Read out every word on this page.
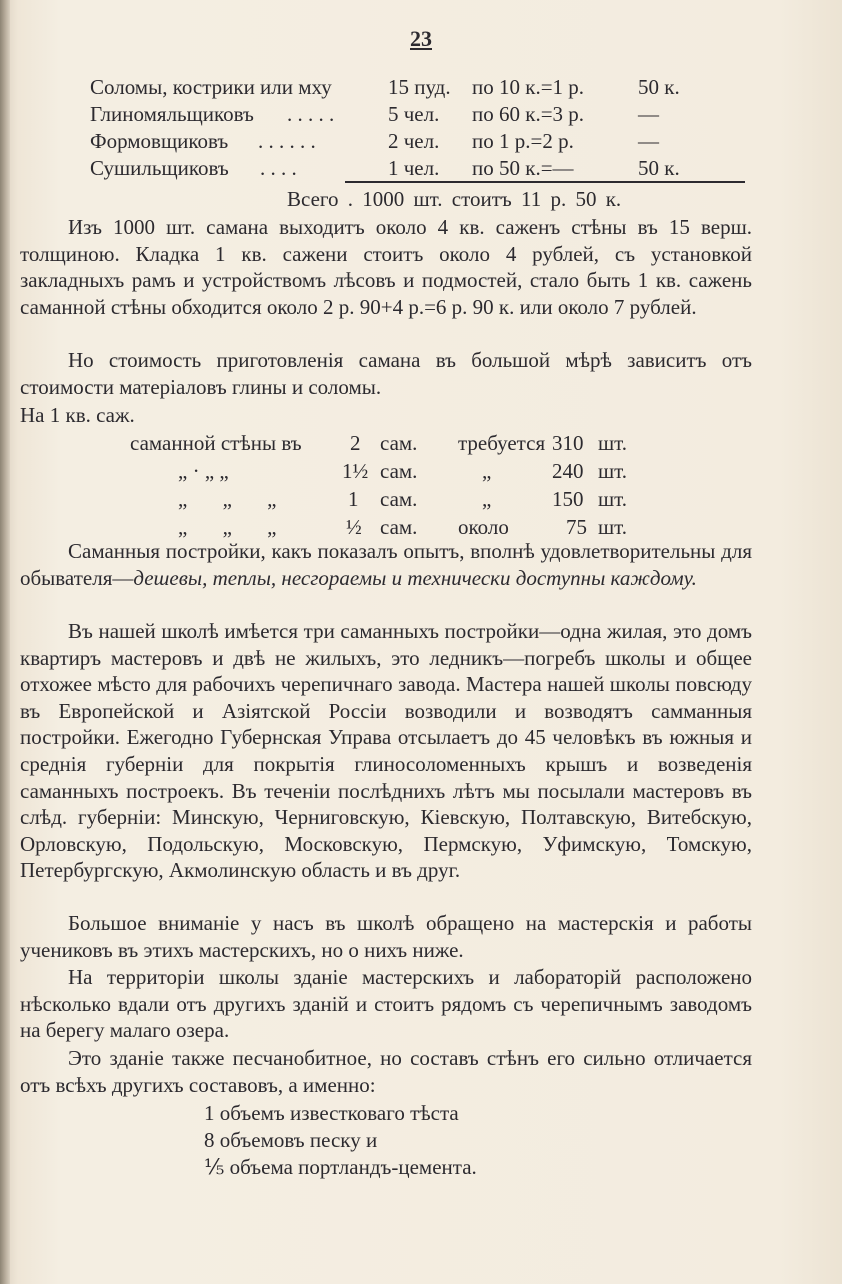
23
Соломы, кострики или мху	15 пуд. по 10 к.=1 р.	50 к.
Глиномяльщиковъ . . . . .	5 чел. по 60 к.=3 р.	—
Формовщиковъ . . . . . .	2 чел. по 1 р.=2 р.	—
Сушильщиковъ . . . .	1 чел. по 50 к.=—	50 к.
Всего . 1000 шт. стоитъ 11 р. 50 к.
Изъ 1000 шт. самана выходитъ около 4 кв. саженъ стѣны въ 15 верш. толщиною. Кладка 1 кв. сажени стоитъ около 4 рублей, съ установкой закладныхъ рамъ и устройствомъ лѣсовъ и подмостей, стало быть 1 кв. сажень саманной стѣны обходится около 2 р. 90+4 р.=6 р. 90 к. или около 7 рублей.
Но стоимость приготовленія самана въ большой мѣрѣ зависитъ отъ стоимости матеріаловъ глины и соломы.
На 1 кв. саж.
саманной стѣны въ 2 сам. требуется 310 шт.
„ · „ „	1½ сам.	„	240 шт.
„ „ „	1 сам.	„	150 шт.
„ „ „	½ сам. около	75 шт.
Саманныя постройки, какъ показалъ опытъ, вполнѣ удовлетворительны для обывателя—дешевы, теплы, несгораемы и технически доступны каждому.
Въ нашей школѣ имѣется три саманныхъ постройки—одна жилая, это домъ квартиръ мастеровъ и двѣ не жилыхъ, это ледникъ—погребъ школы и общее отхожее мѣсто для рабочихъ черепичнаго завода. Мастера нашей школы повсюду въ Европейской и Азіятской Россіи возводили и возводятъ самманныя постройки. Ежегодно Губернская Управа отсылаетъ до 45 человѣкъ въ южныя и среднія губерніи для покрытія глиносоломенныхъ крышъ и возведенія саманныхъ построекъ. Въ теченіи послѣднихъ лѣтъ мы посылали мастеровъ въ слѣд. губерніи: Минскую, Черниговскую, Кіевскую, Полтавскую, Витебскую, Орловскую, Подольскую, Московскую, Пермскую, Уфимскую, Томскую, Петербургскую, Акмолинскую область и въ друг.
Большое вниманіе у насъ въ школѣ обращено на мастерскія и работы учениковъ въ этихъ мастерскихъ, но о нихъ ниже.
На территоріи школы зданіе мастерскихъ и лабораторій расположено нѣсколько вдали отъ другихъ зданій и стоитъ рядомъ съ черепичнымъ заводомъ на берегу малаго озера.
Это зданіе также песчанобитное, но составъ стѣнъ его сильно отличается отъ всѣхъ другихъ составовъ, а именно:
1 объемъ известковаго тѣста
8 объемовъ песку и
⅕ объема портландъ-цемента.
